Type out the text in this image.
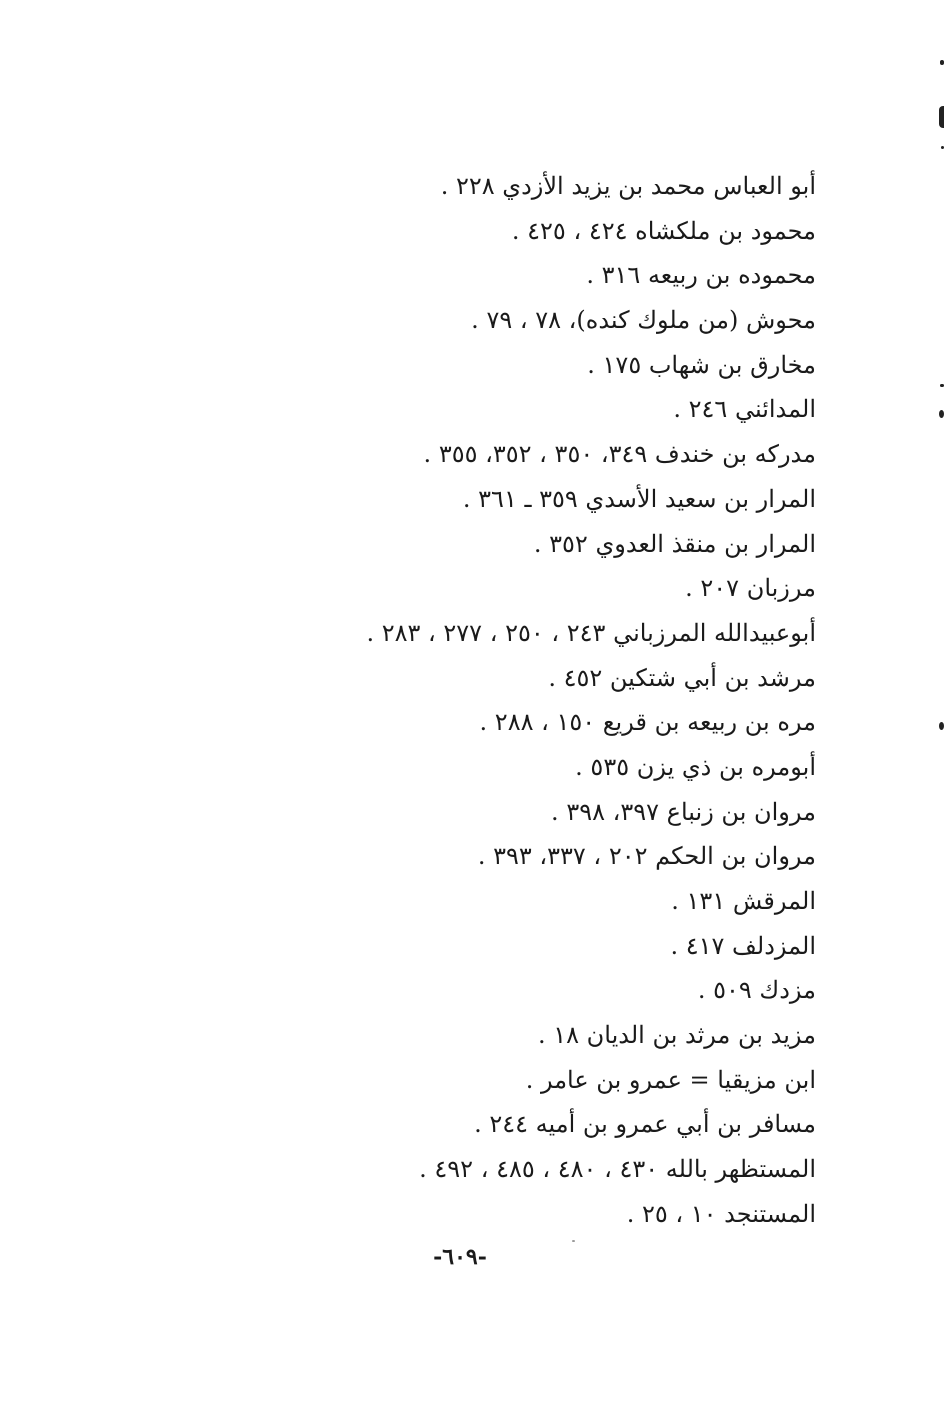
أبو العباس محمد بن يزيد الأزدي ٢٢٨ .
محمود بن ملكشاه ٤٢٤ ، ٤٢٥ .
محموده بن ربيعه ٣١٦ .
محوش (من ملوك كنده)، ٧٨ ، ٧٩ .
مخارق بن شهاب ١٧٥ .
المدائني ٢٤٦ .
مدركه بن خندف ٣٤٩، ٣٥٠ ، ٣٥٢، ٣٥٥ .
المرار بن سعيد الأسدي ٣٥٩ ـ ٣٦١ .
المرار بن منقذ العدوي ٣٥٢ .
مرزبان ٢٠٧ .
أبوعبيدالله المرزباني ٢٤٣ ، ٢٥٠ ، ٢٧٧ ، ٢٨٣ .
مرشد بن أبي شتكين ٤٥٢ .
مره بن ربيعه بن قريع ١٥٠ ، ٢٨٨ .
أبومره بن ذي يزن ٥٣٥ .
مروان بن زنباع ٣٩٧، ٣٩٨ .
مروان بن الحكم ٢٠٢ ، ٣٣٧، ٣٩٣ .
المرقش ١٣١ .
المزدلف ٤١٧ .
مزدك ٥٠٩ .
مزيد بن مرثد بن الديان ١٨ .
ابن مزيقيا = عمرو بن عامر .
مسافر بن أبي عمرو بن أميه ٢٤٤ .
المستظهر بالله ٤٣٠ ، ٤٨٠ ، ٤٨٥ ، ٤٩٢ .
المستنجد ١٠ ، ٢٥ .
-٦٠٩-
